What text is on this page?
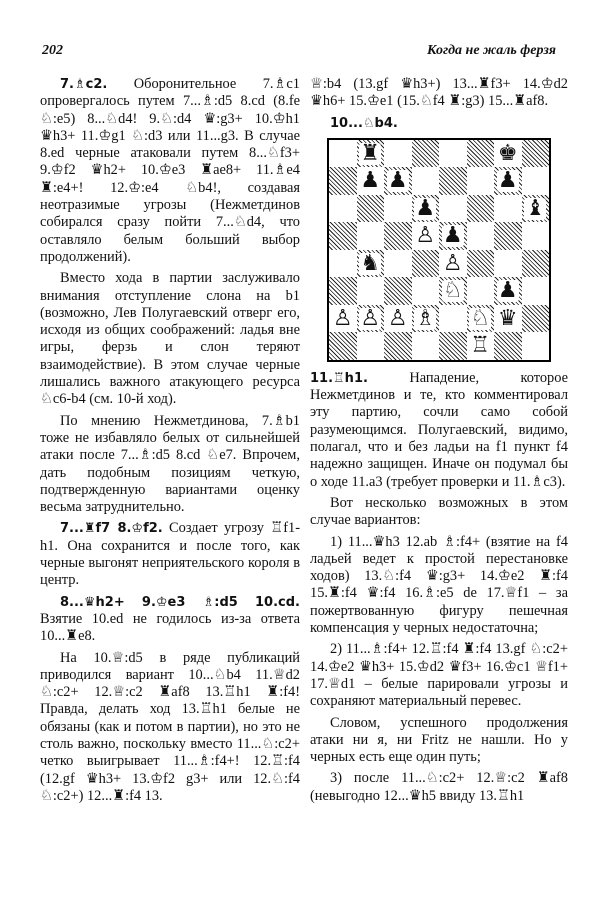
202	Когда не жаль ферзя

7.♗c2. Оборонительное 7.♗c1 опровергалось путем 7...♗:d5 8.cd (8.fe ♘:e5) 8...♘d4! 9.♘:d4 ♛:g3+ 10.♔h1 ♛h3+ 11.♔g1 ♘:d3 или 11...g3. В случае 8.ed черные атаковали путем 8...♘f3+ 9.♔f2 ♛h2+ 10.♔e3 ♜ae8+ 11.♗e4 ♜:e4+! 12.♔:e4 ♘b4!, создавая неотразимые угрозы (Нежметдинов собирался сразу пойти 7...♘d4, что оставляло белым больший выбор продолжений).

Вместо хода в партии заслуживало внимания отступление слона на b1 (возможно, Лев Полугаевский отверг его, исходя из общих соображений: ладья вне игры, ферзь и слон теряют взаимодействие). В этом случае черные лишались важного атакующего ресурса ♘c6-b4 (см. 10-й ход).

По мнению Нежметдинова, 7.♗b1 тоже не избавляло белых от сильнейшей атаки после 7...♗:d5 8.cd ♘e7. Впрочем, дать подобным позициям четкую, подтвержденную вариантами оценку весьма затруднительно.

7...♜f7 8.♔f2. Создает угрозу ♖f1-h1. Она сохранится и после того, как черные выгонят неприятельского короля в центр.

8...♛h2+ 9.♔e3 ♗:d5 10.cd. Взятие 10.ed не годилось из-за ответа 10...♜e8.

На 10.♕:d5 в ряде публикаций приводился вариант 10...♘b4 11.♕d2 ♘:c2+ 12.♕:c2 ♜af8 13.♖h1 ♜:f4! Правда, делать ход 13.♖h1 белые не обязаны (как и потом в партии), но это не столь важно, поскольку вместо 11...♘:c2+ четко выигрывает 11...♗:f4+! 12.♖:f4 (12.gf ♛h3+ 13.♔f2 g3+ или 12.♘:f4 ♘:c2+) 12...♜:f4 13.

♕:b4 (13.gf ♛h3+) 13...♜f3+ 14.♔d2 ♛h6+ 15.♔e1 (15.♘f4 ♜:g3) 15...♜af8.

10...♘b4.

♜	♚
♟ ♟	♟
♟	♝
♙ ♟
♞	♙
♘ ♟
♙ ♙ ♙ ♗ ♘ ♛
♖

11.♖h1. Нападение, которое Нежметдинов и те, кто комментировал эту партию, сочли само собой разумеющимся. Полугаевский, видимо, полагал, что и без ладьи на f1 пункт f4 надежно защищен. Иначе он подумал бы о ходе 11.a3 (требует проверки и 11.♗c3).

Вот несколько возможных в этом случае вариантов:

1) 11...♛h3 12.ab ♗:f4+ (взятие на f4 ладьей ведет к простой перестановке ходов) 13.♘:f4 ♛:g3+ 14.♔e2 ♜:f4 15.♜:f4 ♛:f4 16.♗:e5 de 17.♕f1 – за пожертвованную фигуру пешечная компенсация у черных недостаточна;

2) 11...♗:f4+ 12.♖:f4 ♜:f4 13.gf ♘:c2+ 14.♔e2 ♛h3+ 15.♔d2 ♛f3+ 16.♔c1 ♕f1+ 17.♕d1 – белые парировали угрозы и сохраняют материальный перевес.

Словом, успешного продолжения атаки ни я, ни Fritz не нашли. Но у черных есть еще один путь;

3) после 11...♘:c2+ 12.♕:c2 ♜af8 (невыгодно 12...♛h5 ввиду 13.♖h1
